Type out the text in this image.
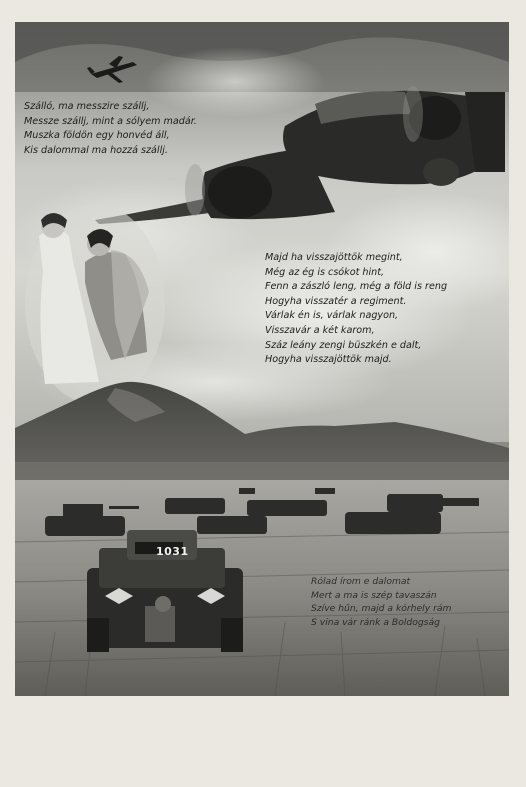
Szálló, ma messzire szállj,
Messze szállj, mint a sólyem madár.
Muszka földön egy honvéd áll,
Kis dalommal ma hozzá szállj.

Majd ha visszajöttök megint,
Még az ég is csókot hint,
Fenn a zászló leng, még a föld is reng
Hogyha visszatér a regiment.
Várlak én is, várlak nagyon,
Visszavár a két karom,
Száz leány zengi büszkén e dalt,
Hogyha visszajöttök majd.

Rólad írom e dalomat
Mert a ma is szép tavaszán
Szíve hűn, majd a kórhely rám
S vina vár ránk a Boldogság

1031
